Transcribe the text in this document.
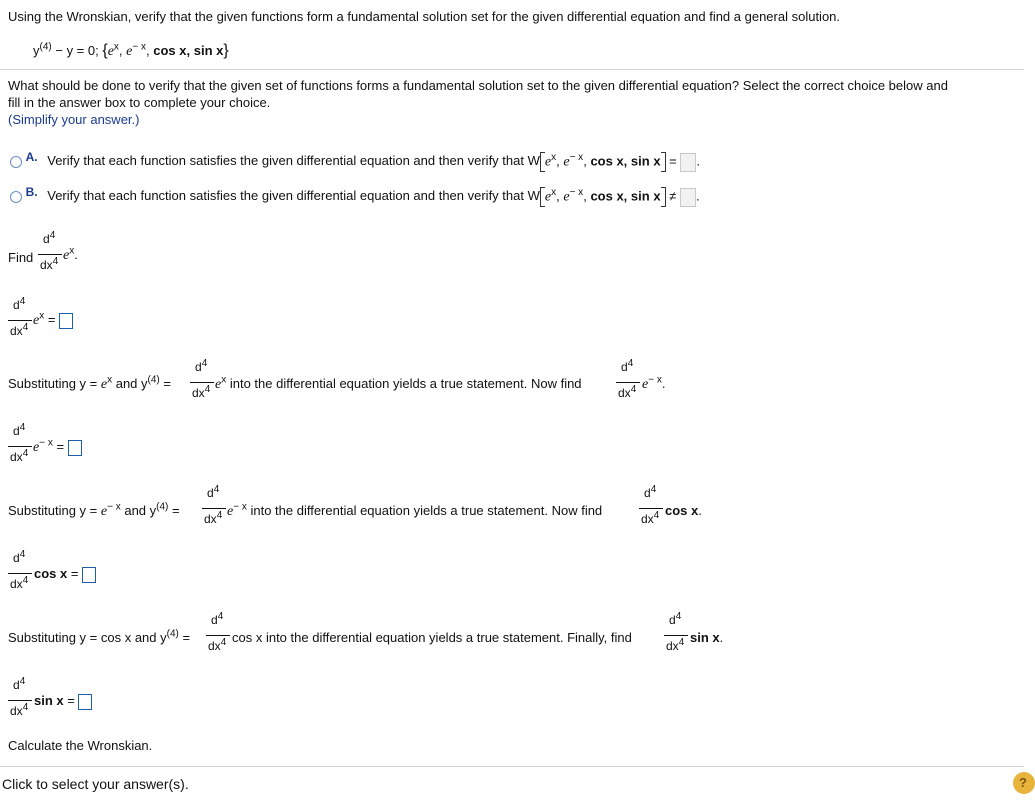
Using the Wronskian, verify that the given functions form a fundamental solution set for the given differential equation and find a general solution.
$y^{(4)} - y = 0$; {$e^x$, $e^{- x}$, cos x, sin x}
What should be done to verify that the given set of functions forms a fundamental solution set to the given differential equation? Select the correct choice below and
fill in the answer box to complete your choice.
(Simplify your answer.)
A. Verify that each function satisfies the given differential equation and then verify that W $e^x$, $e^{- x}$, cos x, sin x = .
B. Verify that each function satisfies the given differential equation and then verify that W $e^x$, $e^{- x}$, cos x, sin x ≠ .
Find
$d^4$
$dx^4$ $e^x$.
$d^4$
$dx^4$ $e^x$ =
Substituting $y = e^x$ and $y^{(4)}$ =
$d^4$
$dx^4$ $e^x$ into the differential equation yields a true statement. Now find
$d^4$
$dx^4$ $e^{- x}$.
$d^4$
$dx^4$ $e^{- x}$ =
Substituting $y = e^{- x}$ and $y^{(4)}$ =
$d^4$
$dx^4$ $e^{- x}$ into the differential equation yields a true statement. Now find
$d^4$
$dx^4$ cos x.
$d^4$
$dx^4$ cos x =
Substituting y = cos x and $y^{(4)}$ =
$d^4$
$dx^4$ cos x into the differential equation yields a true statement. Finally, find
$d^4$
$dx^4$ sin x.
$d^4$
$dx^4$ sin x =
Calculate the Wronskian.
Click to select your answer(s).	?
